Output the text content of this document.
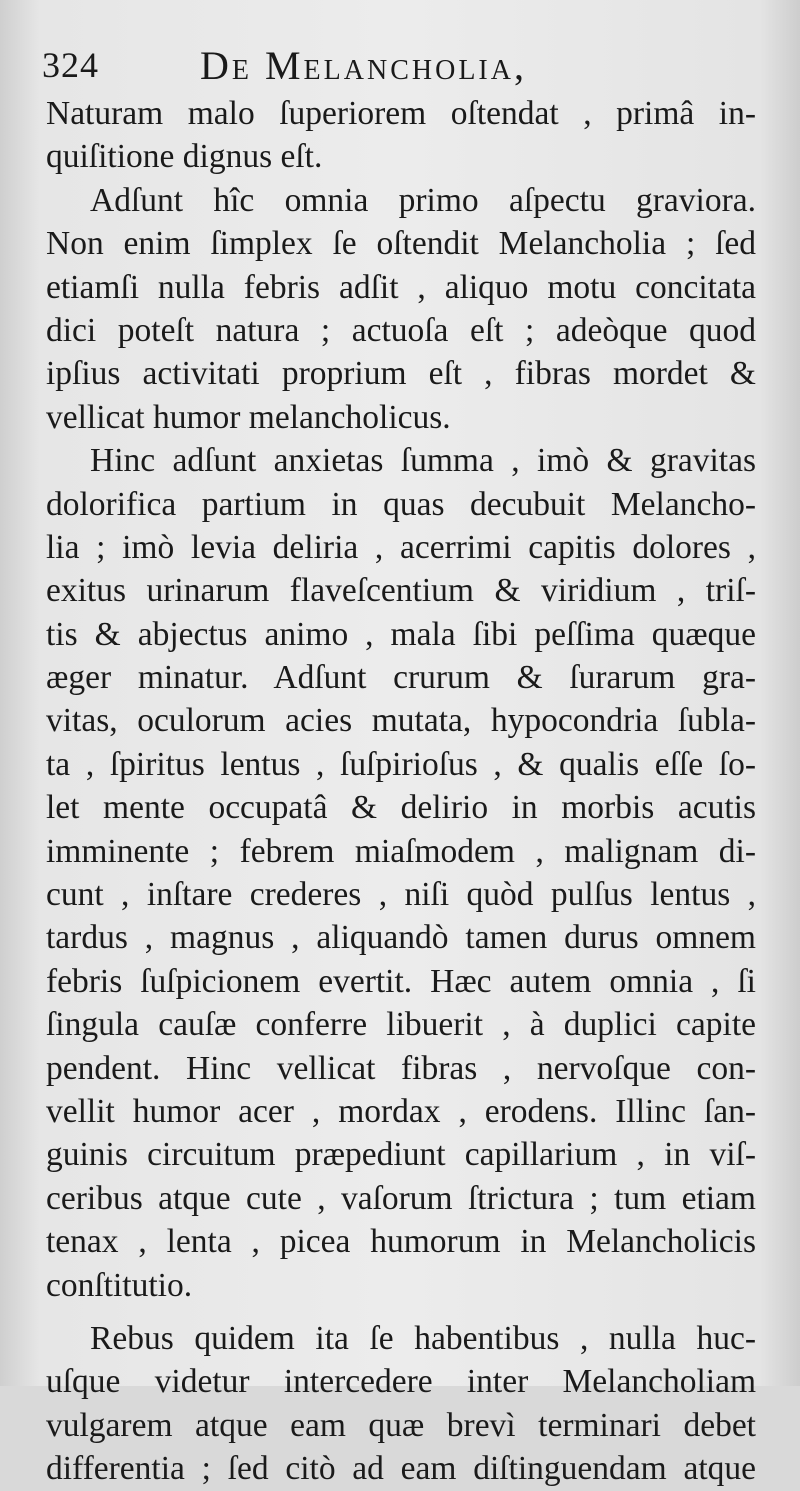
324	De Melancholia,
Naturam malo ſuperiorem oſtendat , primâ in-
quiſitione dignus eſt.
Adſunt hîc omnia primo aſpectu graviora.
Non enim ſimplex ſe oſtendit Melancholia ; ſed
etiamſi nulla febris adſit , aliquo motu concitata
dici poteſt natura ; actuoſa eſt ; adeòque quod
ipſius activitati proprium eſt , fibras mordet &
vellicat humor melancholicus.
Hinc adſunt anxietas ſumma , imò & gravitas
dolorifica partium in quas decubuit Melancho-
lia ; imò levia deliria , acerrimi capitis dolores ,
exitus urinarum flaveſcentium & viridium , triſ-
tis & abjectus animo , mala ſibi peſſima quæque
æger minatur. Adſunt crurum & ſurarum gra-
vitas, oculorum acies mutata, hypocondria ſubla-
ta , ſpiritus lentus , ſuſpirioſus , & qualis eſſe ſo-
let mente occupatâ & delirio in morbis acutis
imminente ; febrem miaſmodem , malignam di-
cunt , inſtare crederes , niſi quòd pulſus lentus ,
tardus , magnus , aliquandò tamen durus omnem
febris ſuſpicionem evertit. Hæc autem omnia , ſi
ſingula cauſæ conferre libuerit , à duplici capite
pendent. Hinc vellicat fibras , nervoſque con-
vellit humor acer , mordax , erodens. Illinc ſan-
guinis circuitum præpediunt capillarium , in viſ-
ceribus atque cute , vaſorum ſtrictura ; tum etiam
tenax , lenta , picea humorum in Melancholicis
conſtitutio.
Rebus quidem ita ſe habentibus , nulla huc-
uſque videtur intercedere inter Melancholiam
vulgarem atque eam quæ brevì terminari debet
differentia ; ſed citò ad eam diſtinguendam atque
